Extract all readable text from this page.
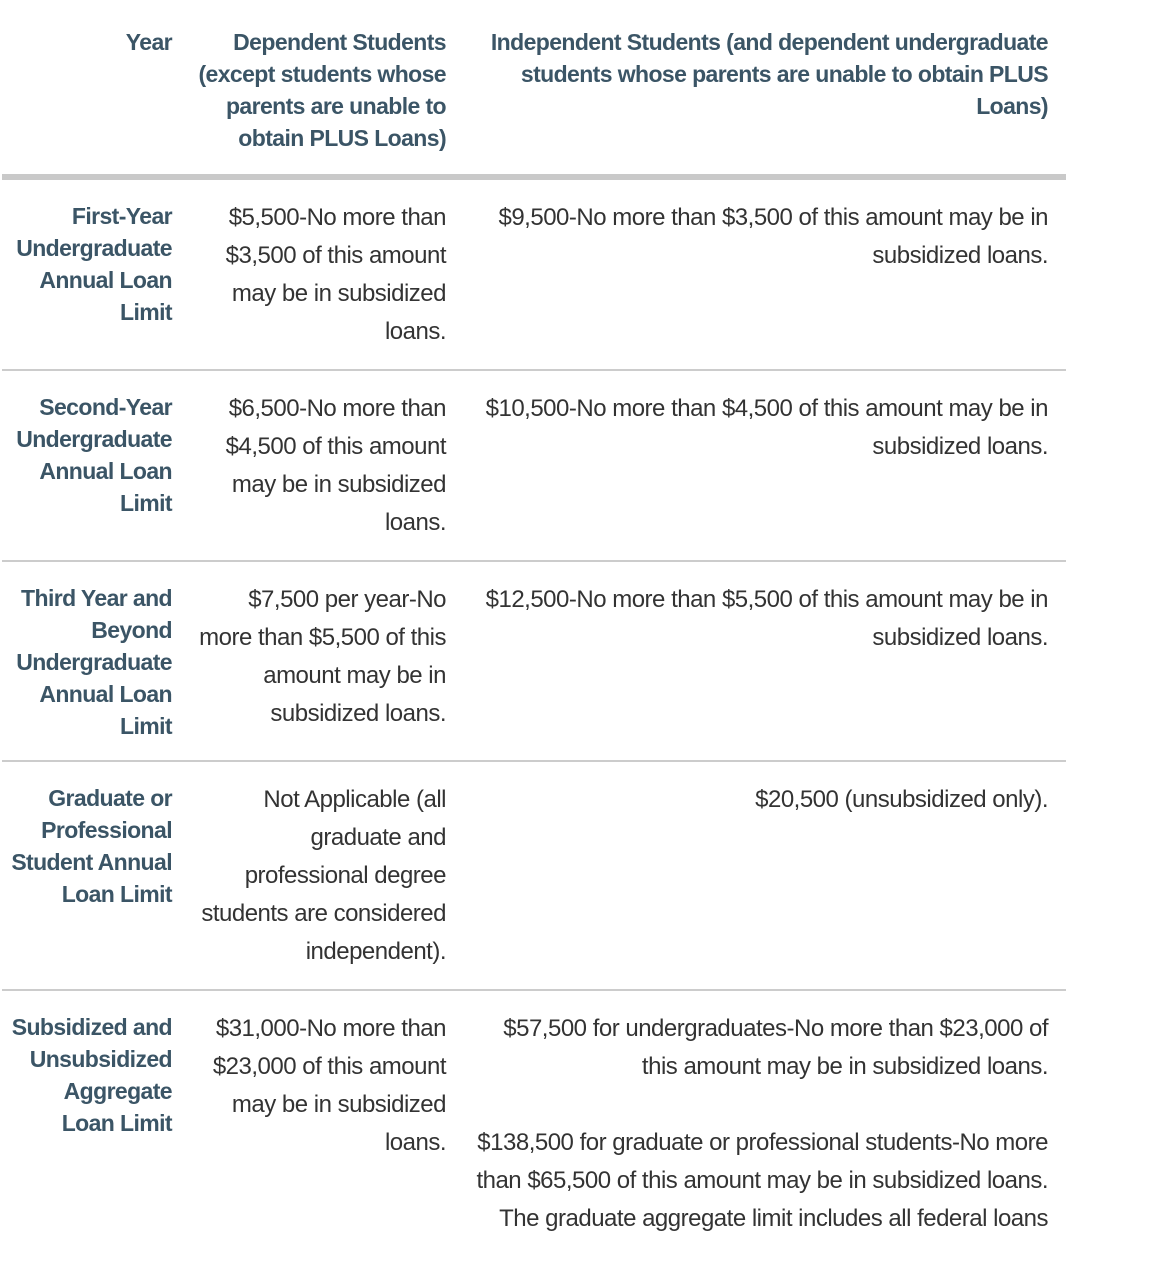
Year	Dependent Students (except students whose parents are unable to obtain PLUS Loans)	Independent Students (and dependent undergraduate students whose parents are unable to obtain PLUS Loans)
First-Year Undergraduate Annual Loan Limit	$5,500-No more than $3,500 of this amount may be in subsidized loans.	$9,500-No more than $3,500 of this amount may be in subsidized loans.
Second-Year Undergraduate Annual Loan Limit	$6,500-No more than $4,500 of this amount may be in subsidized loans.	$10,500-No more than $4,500 of this amount may be in subsidized loans.
Third Year and Beyond Undergraduate Annual Loan Limit	$7,500 per year-No more than $5,500 of this amount may be in subsidized loans.	$12,500-No more than $5,500 of this amount may be in subsidized loans.
Graduate or Professional Student Annual Loan Limit	Not Applicable (all graduate and professional degree students are considered independent).	$20,500 (unsubsidized only).
Subsidized and Unsubsidized Aggregate Loan Limit	$31,000-No more than $23,000 of this amount may be in subsidized loans.	$57,500 for undergraduates-No more than $23,000 of this amount may be in subsidized loans.

$138,500 for graduate or professional students-No more than $65,500 of this amount may be in subsidized loans. The graduate aggregate limit includes all federal loans
